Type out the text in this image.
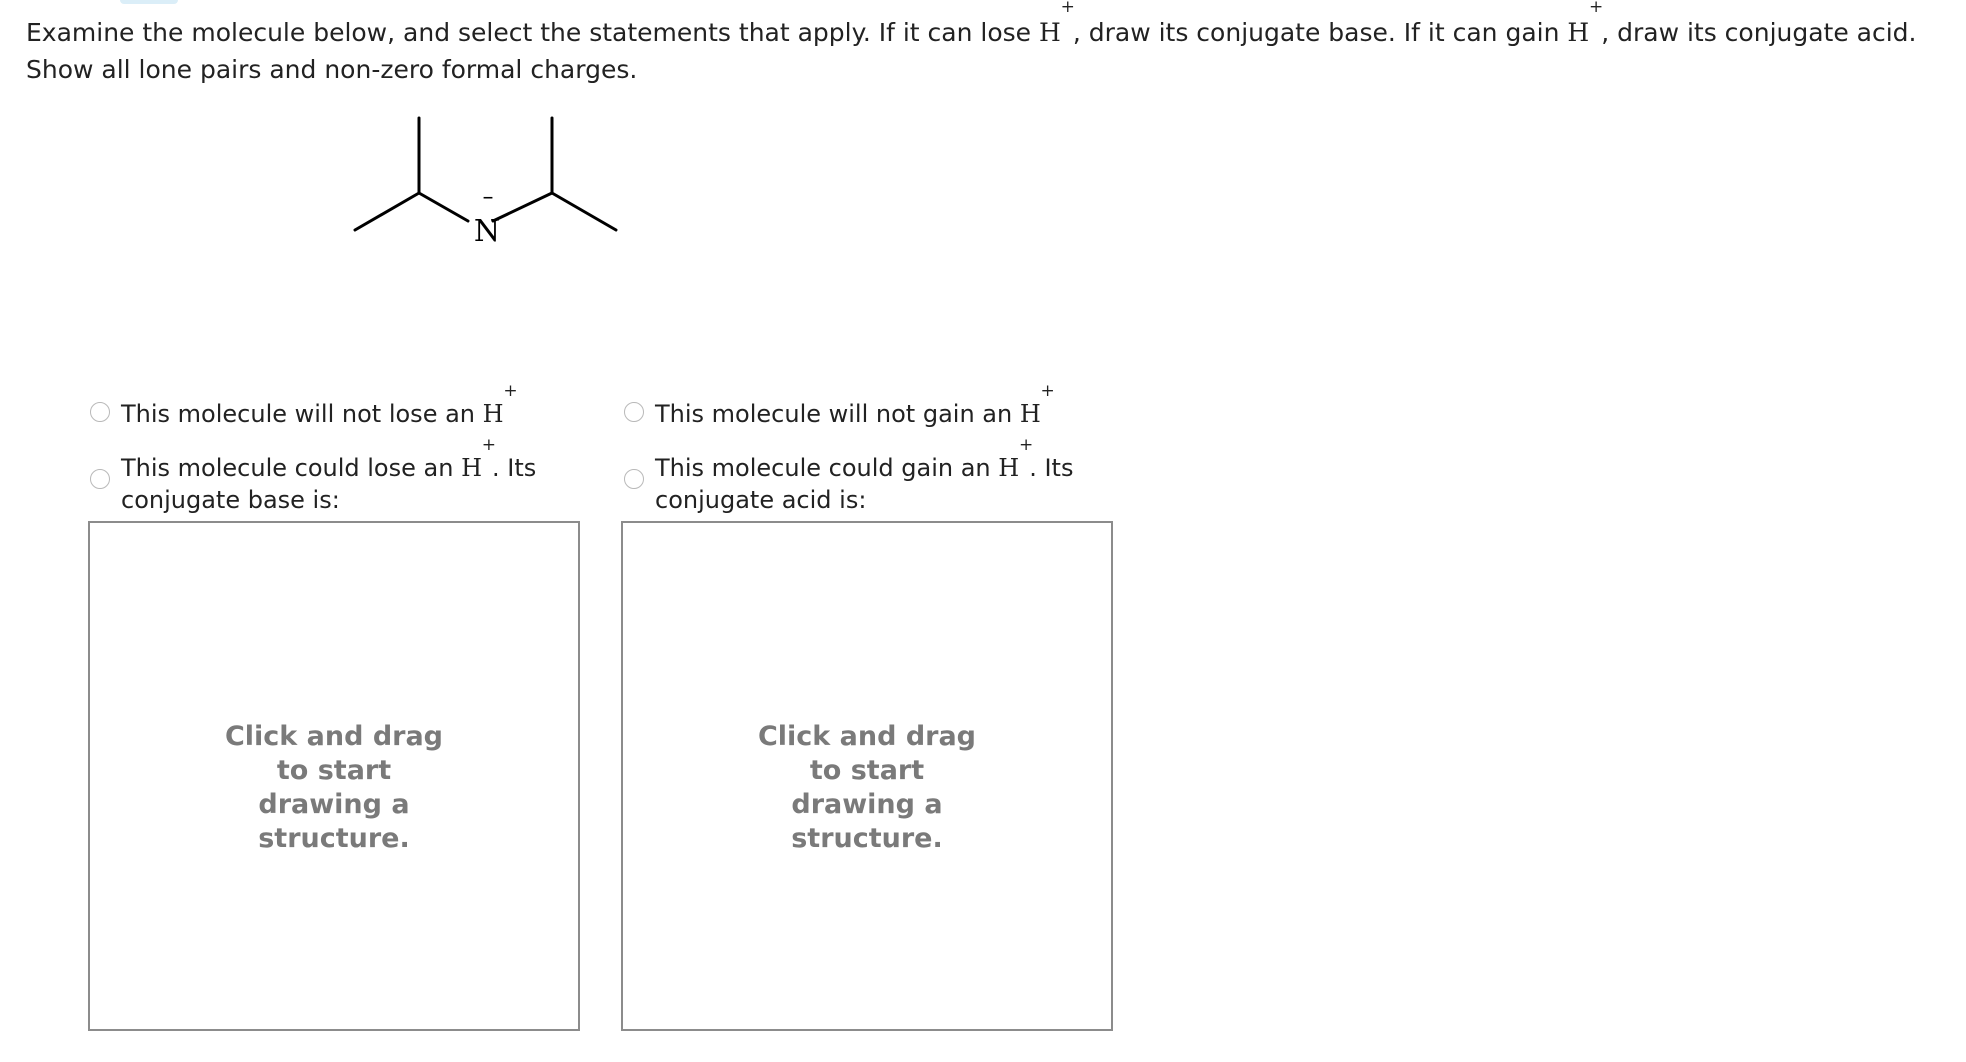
Examine the molecule below, and select the statements that apply. If it can lose H
+
, draw its conjugate base. If it can gain H
+
, draw its conjugate acid. Show all lone pairs and non-zero formal charges.
–
N
This molecule will not lose an H
+
This molecule will not gain an H
+
This molecule could lose an H
+
. Its conjugate base is:
This molecule could gain an H
+
. Its conjugate acid is:
Click and drag to start drawing a structure.
Click and drag to start drawing a structure.
